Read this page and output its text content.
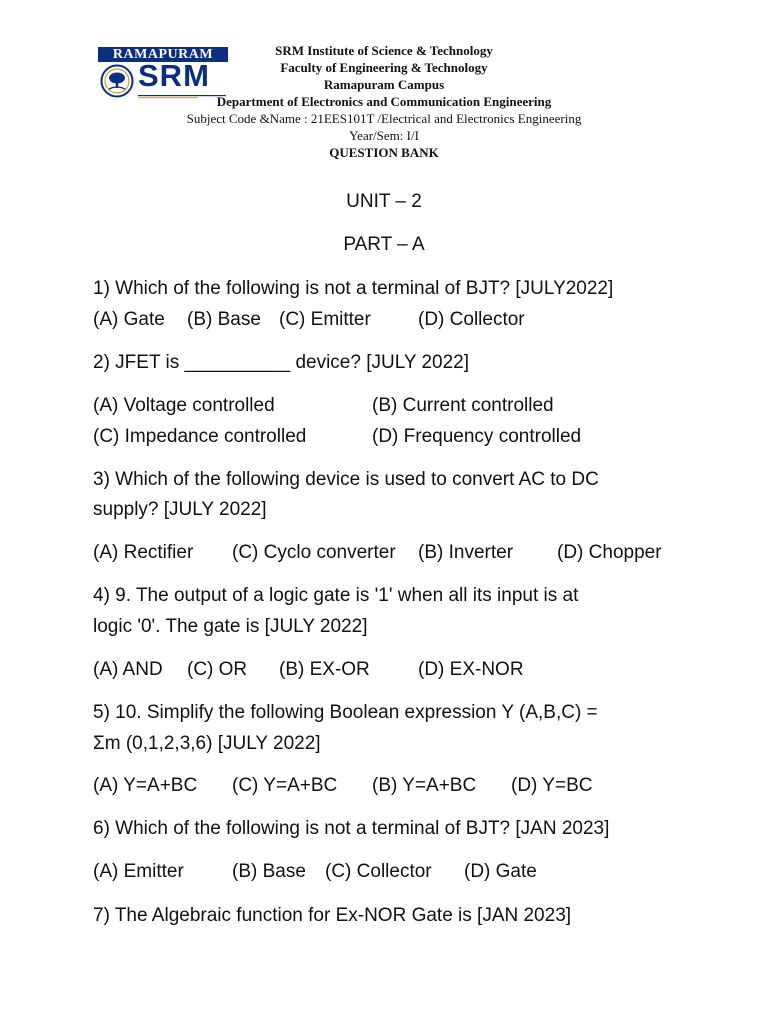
RAMAPURAM
SRM
SRM Institute of Science & Technology
Faculty of Engineering & Technology
Ramapuram Campus
Department of Electronics and Communication Engineering
Subject Code &Name : 21EES101T /Electrical and Electronics Engineering
Year/Sem: I/I
QUESTION BANK
UNIT – 2
PART – A
1) Which of the following is not a terminal of BJT? [JULY2022]
(A) Gate (B) Base (C) Emitter (D) Collector
2) JFET is __________ device? [JULY 2022]
(A) Voltage controlled	(B) Current controlled
(C) Impedance controlled	(D) Frequency controlled
3) Which of the following device is used to convert AC to DC
supply? [JULY 2022]
(A) Rectifier (C) Cyclo converter (B) Inverter (D) Chopper
4) 9. The output of a logic gate is '1' when all its input is at
logic '0'. The gate is [JULY 2022]
(A) AND (C) OR (B) EX-OR	(D) EX-NOR
5) 10. Simplify the following Boolean expression Y (A,B,C) =
Σm (0,1,2,3,6) [JULY 2022]
(A) Y=A+BC (C) Y=A+BC (B) Y=A+BC (D) Y=BC
6) Which of the following is not a terminal of BJT? [JAN 2023]
(A) Emitter	(B) Base (C) Collector (D) Gate
7) The Algebraic function for Ex-NOR Gate is [JAN 2023]
